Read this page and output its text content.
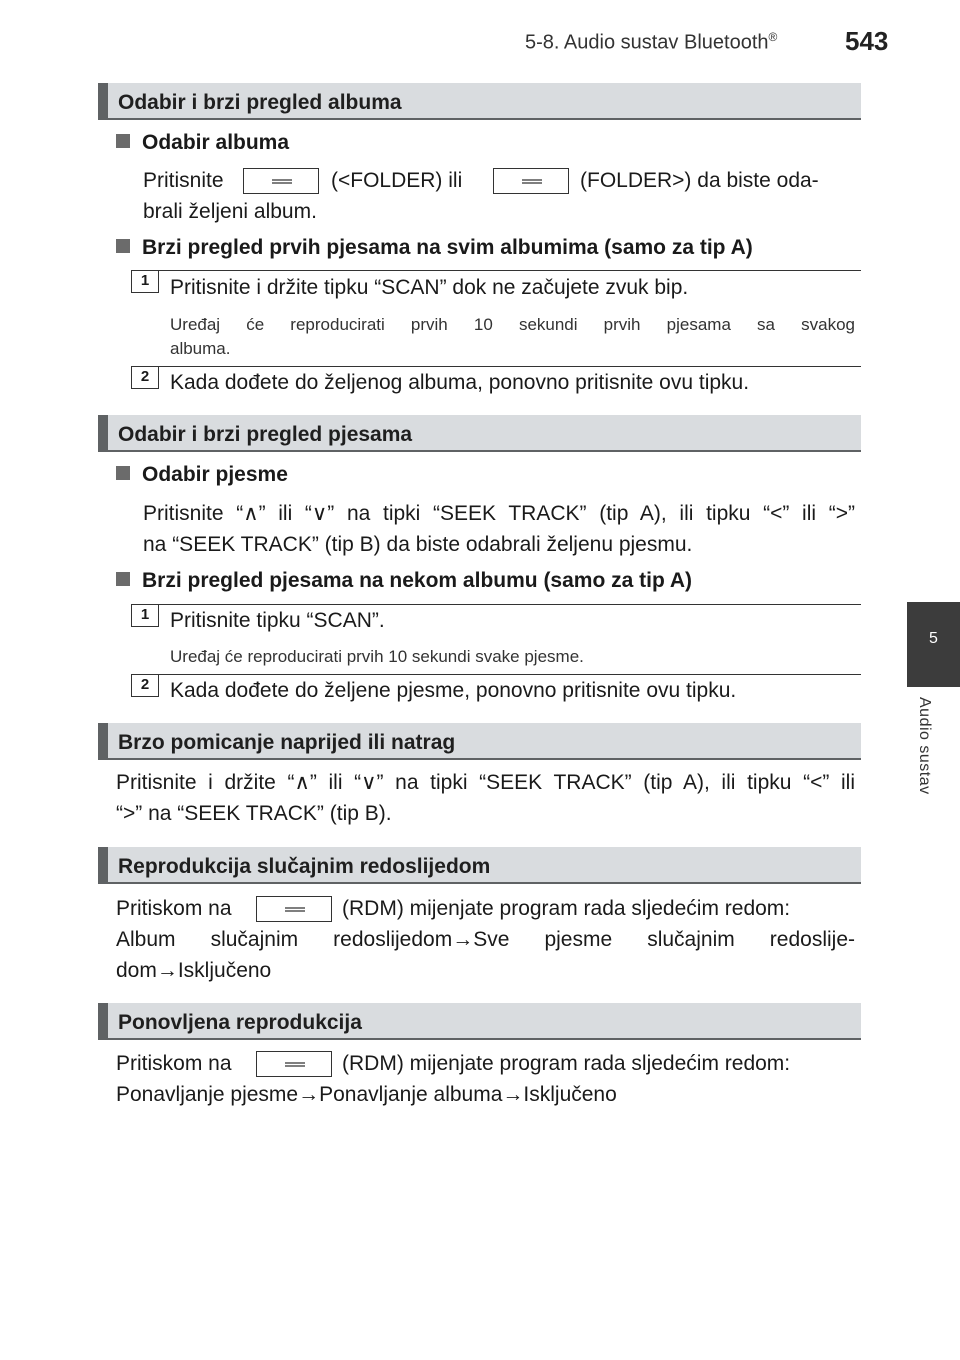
5-8. Audio sustav Bluetooth®	543
5
Audio sustav
Odabir i brzi pregled albuma
Odabir albuma
Pritisnite	(<FOLDER) ili	(FOLDER>) da biste oda-
brali željeni album.
Brzi pregled prvih pjesama na svim albumima (samo za tip A)
1 Pritisnite i držite tipku “SCAN” dok ne začujete zvuk bip.
Uređaj će reproducirati prvih 10 sekundi prvih pjesama sa svakog
albuma.
2 Kada dođete do željenog albuma, ponovno pritisnite ovu tipku.
Odabir i brzi pregled pjesama
Odabir pjesme
Pritisnite “∧” ili “∨” na tipki “SEEK TRACK” (tip A), ili tipku “<” ili “>”
na “SEEK TRACK” (tip B) da biste odabrali željenu pjesmu.
Brzi pregled pjesama na nekom albumu (samo za tip A)
1 Pritisnite tipku “SCAN”.
Uređaj će reproducirati prvih 10 sekundi svake pjesme.
2 Kada dođete do željene pjesme, ponovno pritisnite ovu tipku.
Brzo pomicanje naprijed ili natrag
Pritisnite i držite “∧” ili “∨” na tipki “SEEK TRACK” (tip A), ili tipku “<” ili
“>” na “SEEK TRACK” (tip B).
Reprodukcija slučajnim redoslijedom
Pritiskom na	(RDM) mijenjate program rada sljedećim redom:
Album slučajnim redoslijedom→Sve pjesme slučajnim redoslije-
dom→Isključeno
Ponovljena reprodukcija
Pritiskom na	(RDM) mijenjate program rada sljedećim redom:
Ponavljanje pjesme→Ponavljanje albuma→Isključeno
